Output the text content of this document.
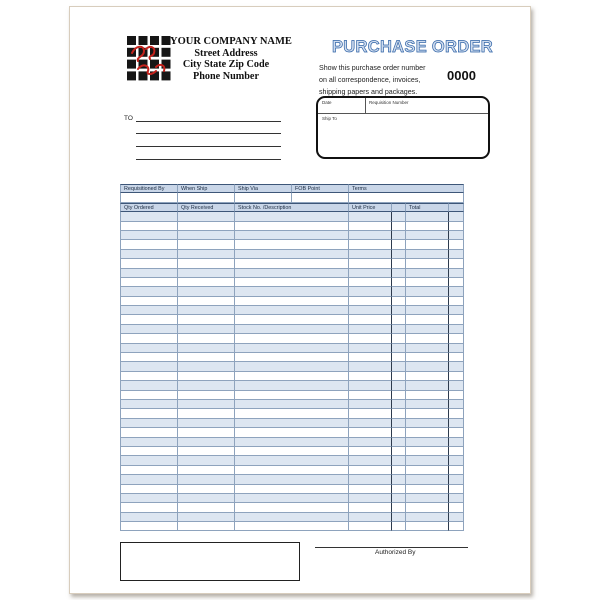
YOUR COMPANY NAME
Street Address
City State Zip Code
Phone Number
PURCHASE ORDER
Show this purchase order number
on all correspondence, invoices,
shipping papers and packages.
0000
Date	Requisition Number
Ship To
TO
Requisitioned By	When Ship	Ship Via	FOB Point	Terms
Qty Ordered	Qty Received	Stock No. /Description	Unit Price	Total
Authorized By
